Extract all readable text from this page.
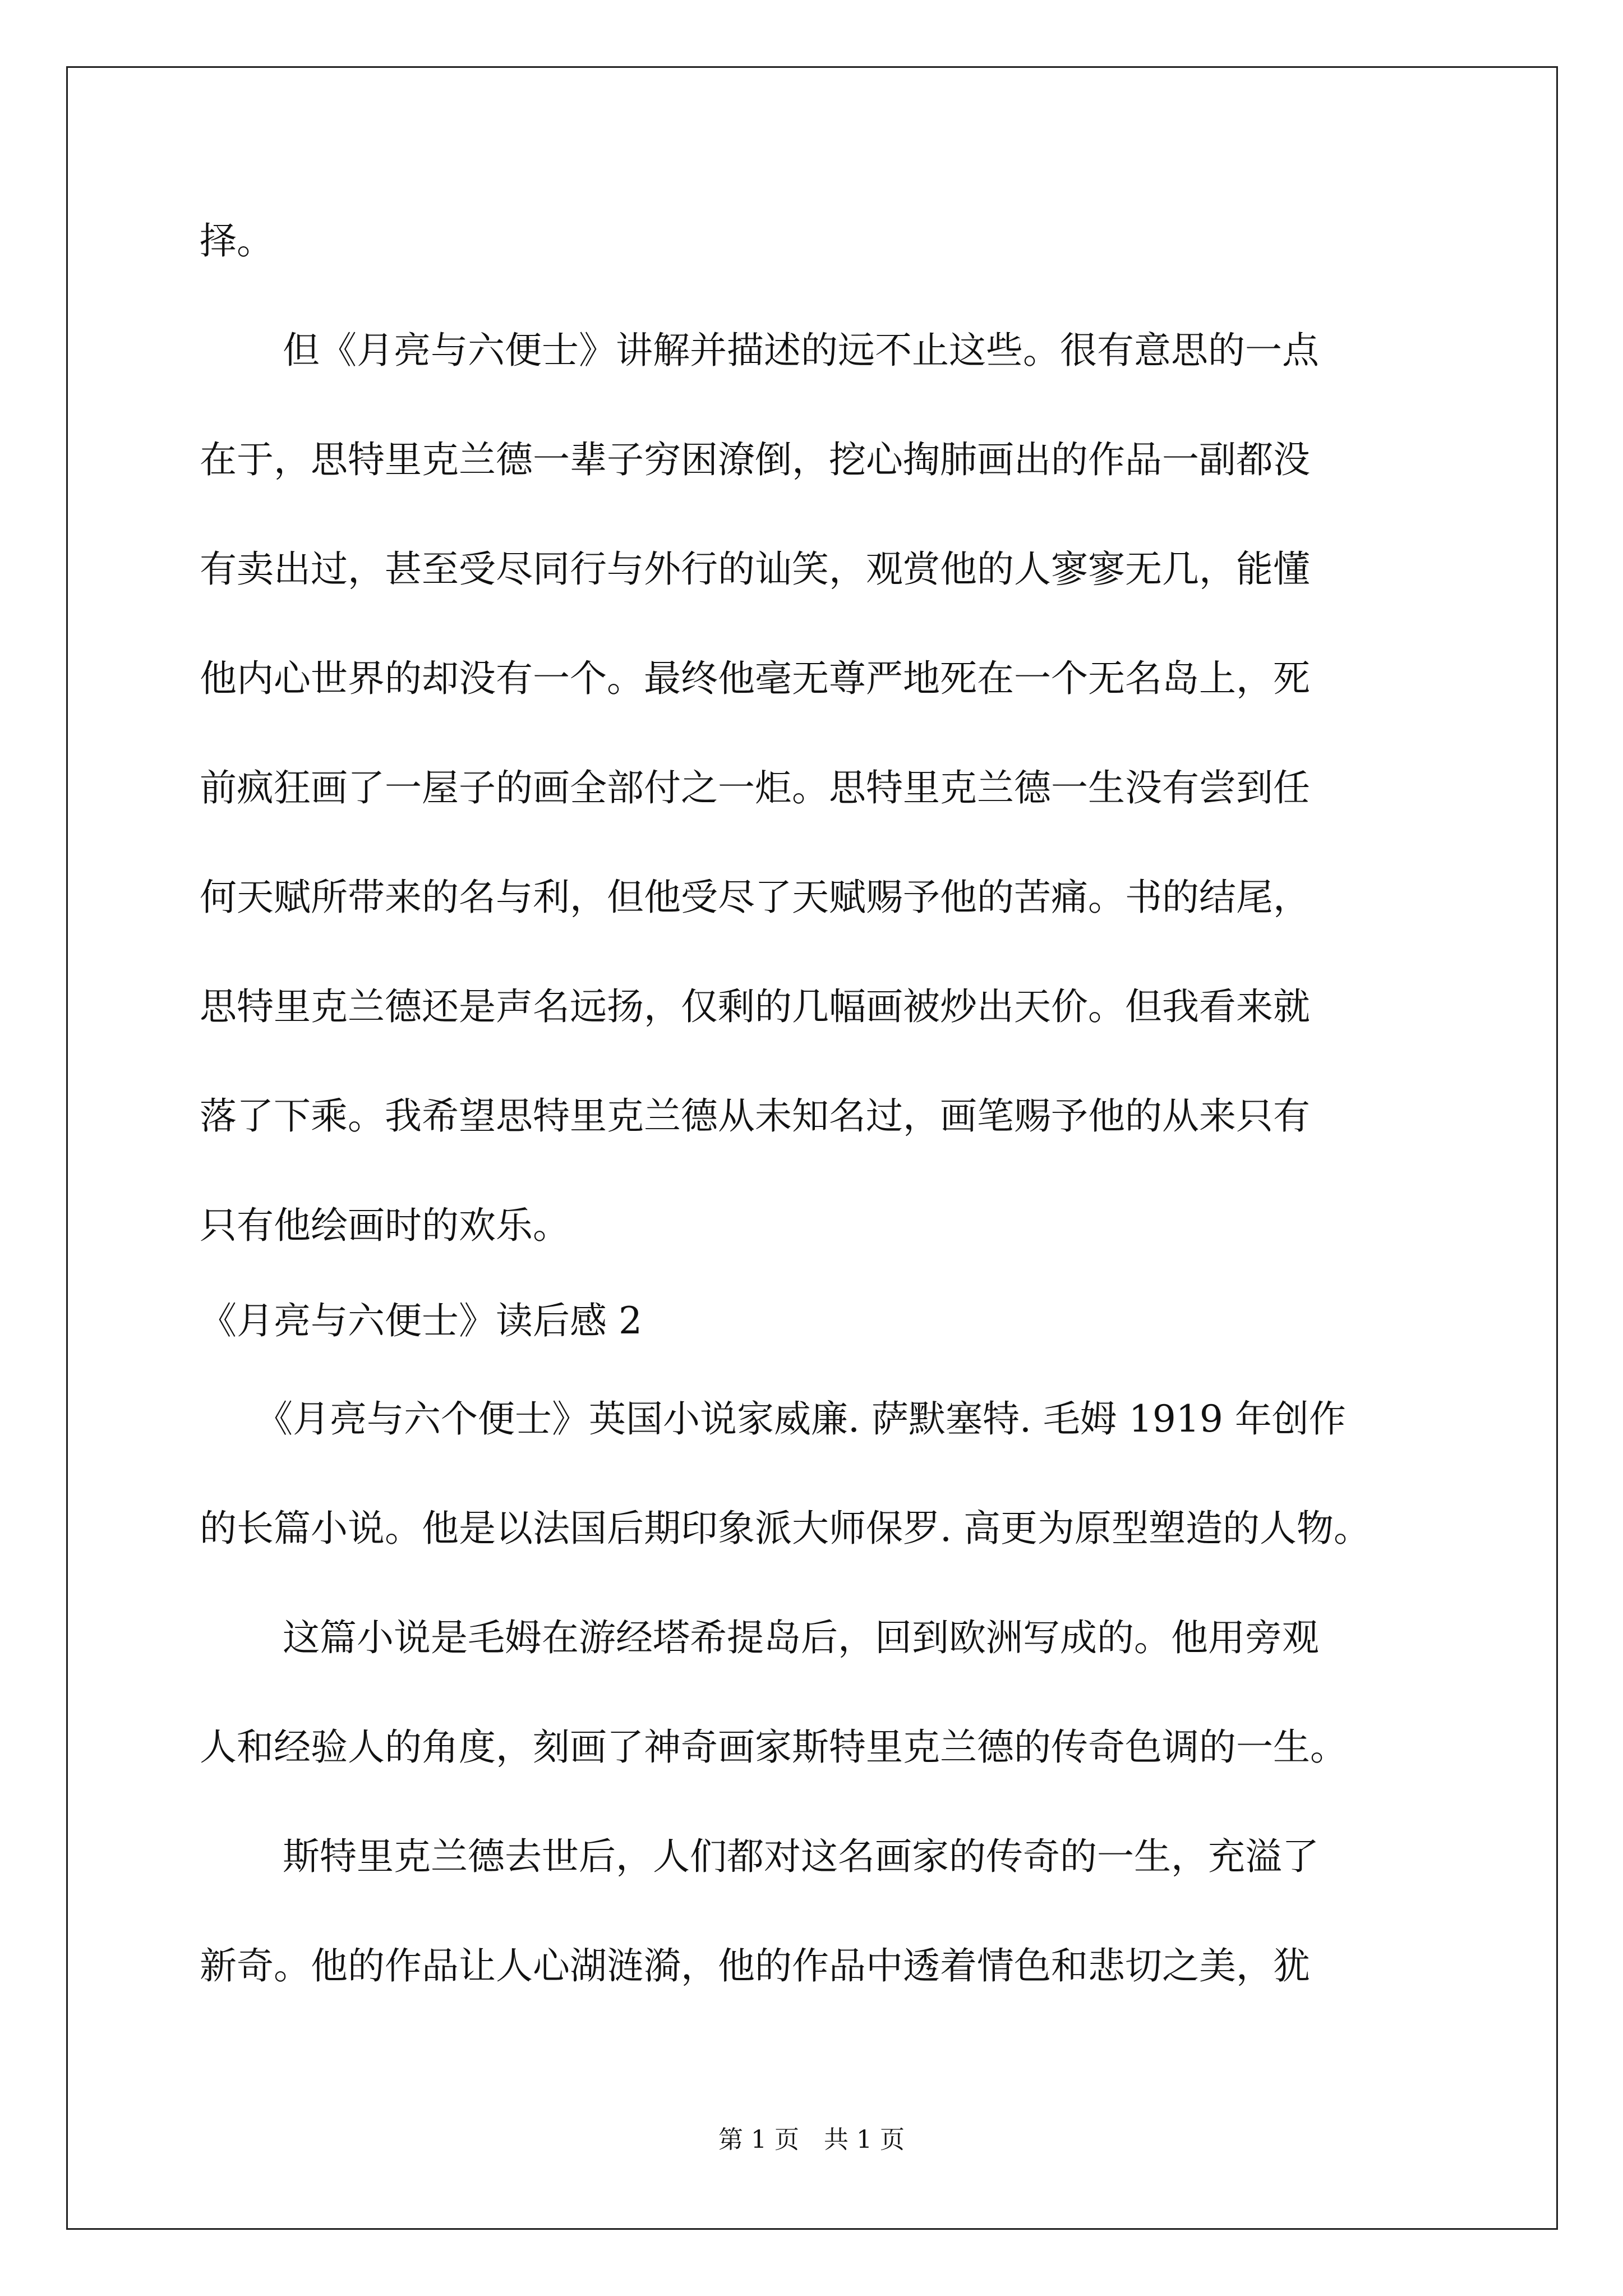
择。
但《月亮与六便士》讲解并描述的远不止这些。很有意思的一点
在于，思特里克兰德一辈子穷困潦倒，挖心掏肺画出的作品一副都没
有卖出过，甚至受尽同行与外行的讪笑，观赏他的人寥寥无几，能懂
他内心世界的却没有一个。最终他毫无尊严地死在一个无名岛上，死
前疯狂画了一屋子的画全部付之一炬。思特里克兰德一生没有尝到任
何天赋所带来的名与利，但他受尽了天赋赐予他的苦痛。书的结尾，
思特里克兰德还是声名远扬，仅剩的几幅画被炒出天价。但我看来就
落了下乘。我希望思特里克兰德从未知名过，画笔赐予他的从来只有
只有他绘画时的欢乐。
《月亮与六便士》读后感 2
《月亮与六个便士》英国小说家威廉. 萨默塞特. 毛姆 1919 年创作
的长篇小说。他是以法国后期印象派大师保罗. 高更为原型塑造的人物。
这篇小说是毛姆在游经塔希提岛后，回到欧洲写成的。他用旁观
人和经验人的角度，刻画了神奇画家斯特里克兰德的传奇色调的一生。
斯特里克兰德去世后，人们都对这名画家的传奇的一生，充溢了
新奇。他的作品让人心湖涟漪，他的作品中透着情色和悲切之美，犹
第 1 页　共 1 页
